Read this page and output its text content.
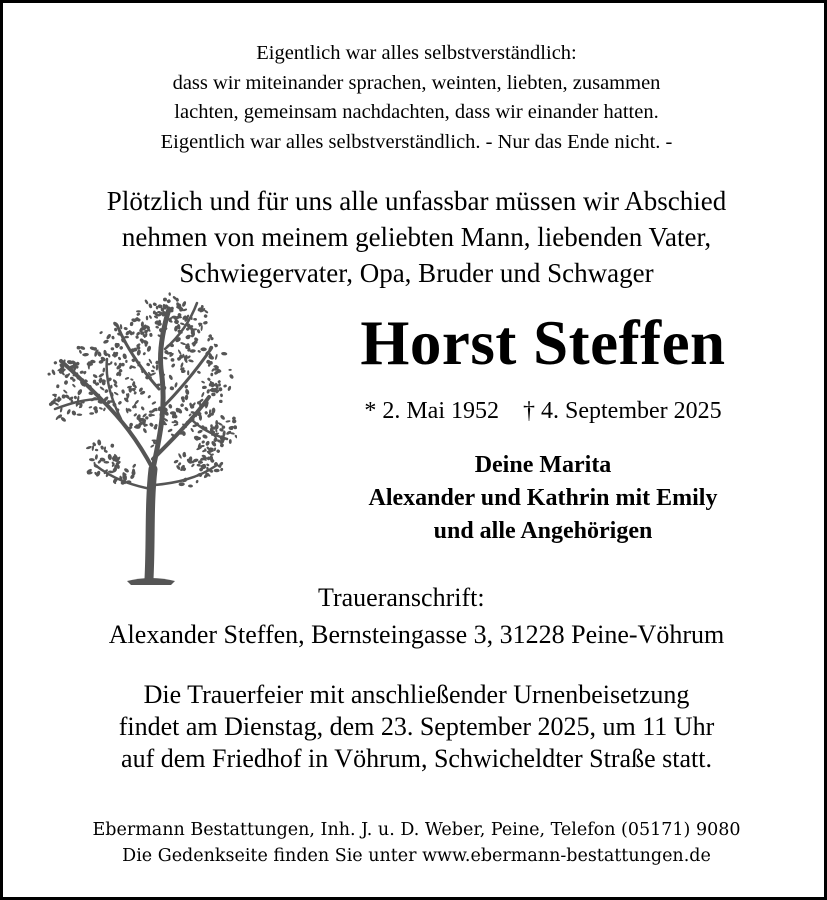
Eigentlich war alles selbstverständlich:
dass wir miteinander sprachen, weinten, liebten, zusammen
lachten, gemeinsam nachdachten, dass wir einander hatten.
Eigentlich war alles selbstverständlich. - Nur das Ende nicht. -
Plötzlich und für uns alle unfassbar müssen wir Abschied
nehmen von meinem geliebten Mann, liebenden Vater,
Schwiegervater, Opa, Bruder und Schwager
Horst Steffen
* 2. Mai 1952    † 4. September 2025
Deine Marita
Alexander und Kathrin mit Emily
und alle Angehörigen
Traueranschrift:
Alexander Steffen, Bernsteingasse 3, 31228 Peine-Vöhrum
Die Trauerfeier mit anschließender Urnenbeisetzung
findet am Dienstag, dem 23. September 2025, um 11 Uhr
auf dem Friedhof in Vöhrum, Schwicheldter Straße statt.
Ebermann Bestattungen, Inh. J. u. D. Weber, Peine, Telefon (05171) 9080
Die Gedenkseite finden Sie unter www.ebermann-bestattungen.de
